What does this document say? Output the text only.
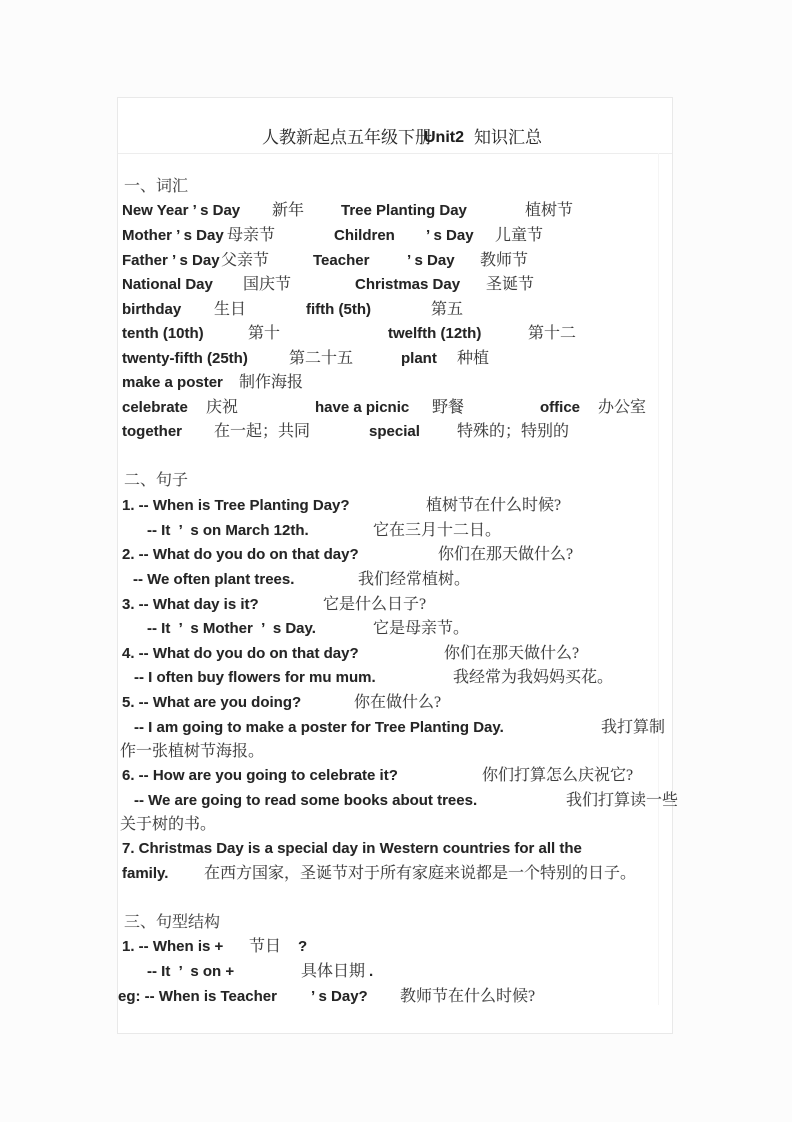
人教新起点五年级下册
Unit2 知识汇总
一、词汇
New Year ’ s Day 新年 Tree Planting Day	植树节
Mother ’ s Day 母亲节	Children ’ s Day 儿童节
Father ’ s Day 父亲节	Teacher	’ s Day 教师节
National Day 国庆节	Christmas Day 圣诞节
birthday 生日	fifth (5th)	第五
tenth (10th)	第十	twelfth (12th)	第十二
twenty-fifth (25th)	第二十五	plant 种植
make a poster 制作海报
celebrate 庆祝	have a picnic 野餐	office 办公室
together 在一起；共同	special 特殊的；特别的
二、句子
1. -- When is Tree Planting Day?	植树节在什么时候?
-- It  ’  s on March 12th.	它在三月十二日。
2. -- What do you do on that day?	你们在那天做什么?
-- We often plant trees.	我们经常植树。
3. -- What day is it?	它是什么日子?
-- It  ’  s Mother  ’  s Day.	它是母亲节。
4. -- What do you do on that day?	你们在那天做什么?
-- I often buy flowers for mu mum.	我经常为我妈妈买花。
5. -- What are you doing?	你在做什么?
-- I am going to make a poster for Tree Planting Day.	我打算制
作一张植树节海报。
6. -- How are you going to celebrate it?	你们打算怎么庆祝它?
-- We are going to read some books about trees.	我们打算读一些
关于树的书。
7. Christmas Day is a special day in Western countries for all the
family. 在西方国家，圣诞节对于所有家庭来说都是一个特别的日子。
三、句型结构
1. -- When is + 节日 ?
-- It  ’  s on +	具体日期 .
eg: -- When is Teacher ’ s Day? 教师节在什么时候?
